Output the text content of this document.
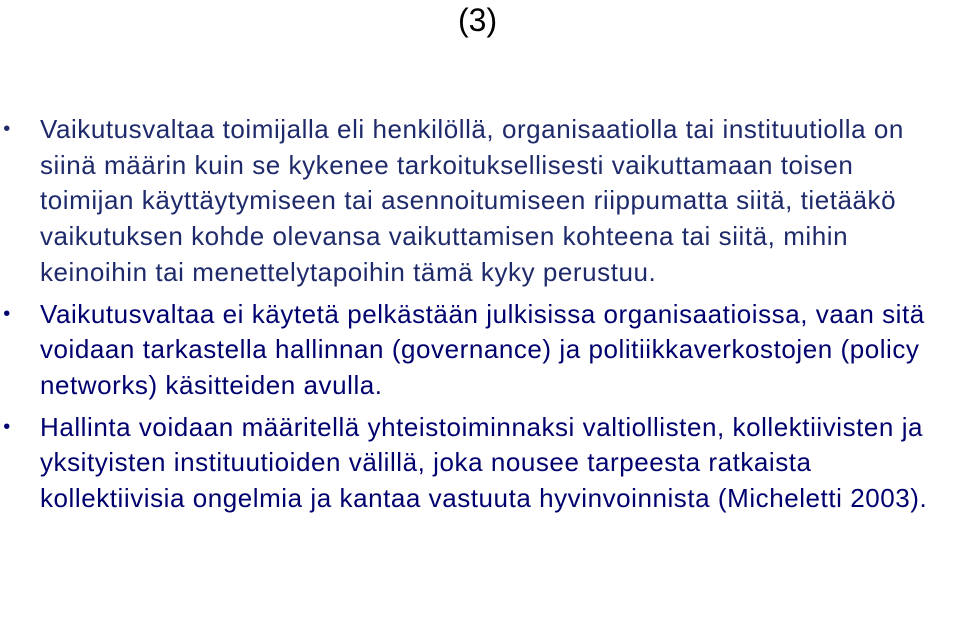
(3)
• Vaikutusvaltaa toimijalla eli henkilöllä, organisaatiolla tai instituutiolla on siinä määrin kuin se kykenee tarkoituksellisesti vaikuttamaan toisen toimijan käyttäytymiseen tai asennoitumiseen riippumatta siitä, tietääkö vaikutuksen kohde olevansa vaikuttamisen kohteena tai siitä, mihin keinoihin tai menettelytapoihin tämä kyky perustuu.
• Vaikutusvaltaa ei käytetä pelkästään julkisissa organisaatioissa, vaan sitä voidaan tarkastella hallinnan (governance) ja politiikkaverkostojen (policy networks) käsitteiden avulla.
• Hallinta voidaan määritellä yhteistoiminnaksi valtiollisten, kollektiivisten ja yksityisten instituutioiden välillä, joka nousee tarpeesta ratkaista kollektiivisia ongelmia ja kantaa vastuuta hyvinvoinnista (Micheletti 2003).
